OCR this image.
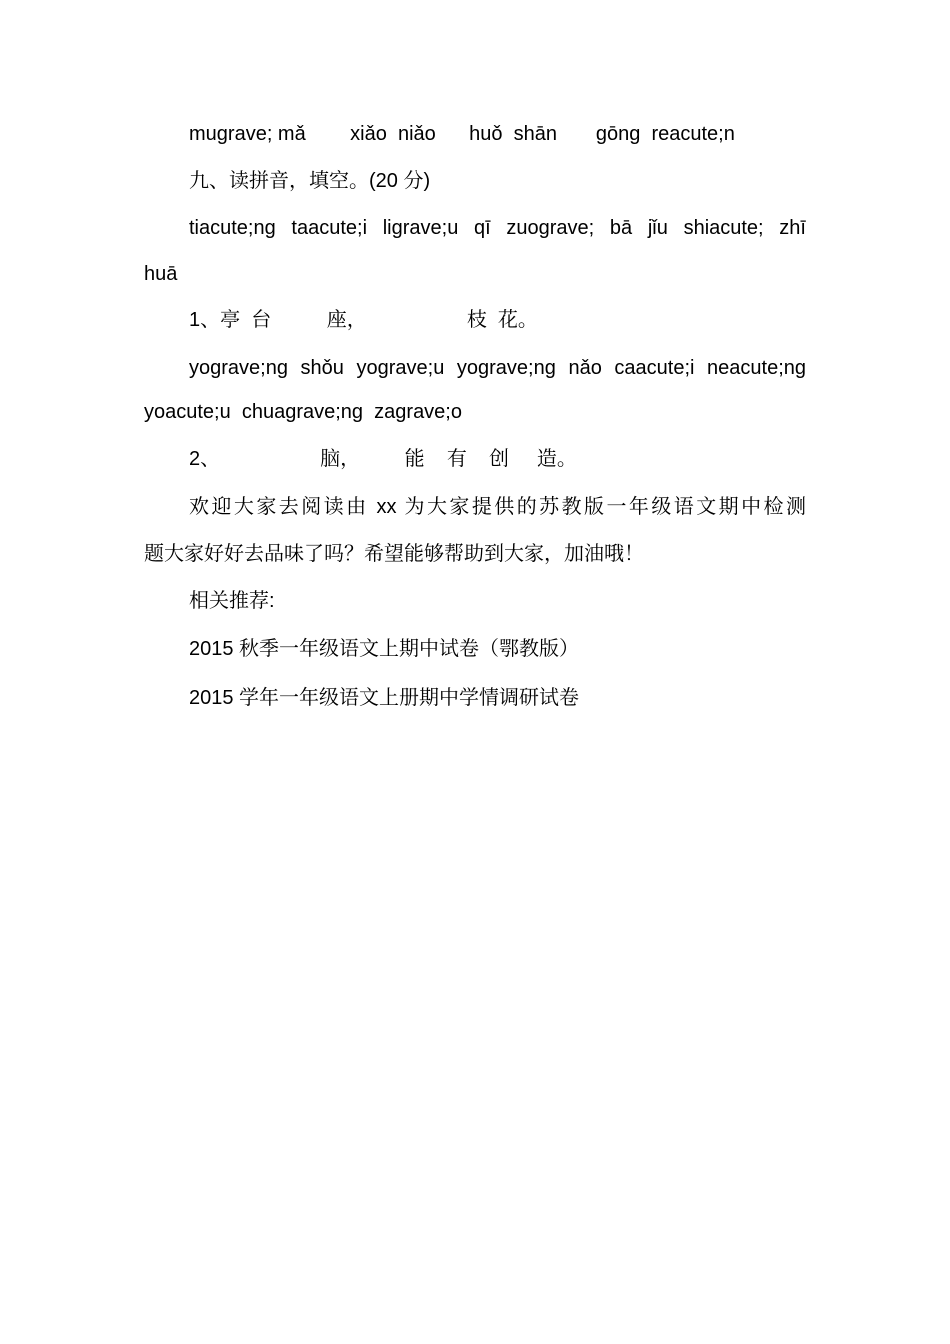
mugrave; mǎ        xiǎo  niǎo      huǒ  shān       gōng  reacute;n
九、读拼音，填空。(20 分)
tiacute;ng taacute;i ligrave;u qī zuograve; bā jǐu shiacute; zhī
huā
1、亭  台          座，                  枝  花。
yograve;ng shǒu yograve;u yograve;ng nǎo caacute;i neacute;ng
yoacute;u  chuagrave;ng  zagrave;o
2、                  脑，        能    有    创     造。
欢迎大家去阅读由 xx 为大家提供的苏教版一年级语文期中检测
题大家好好去品味了吗？希望能够帮助到大家，加油哦！
相关推荐:
2015 秋季一年级语文上期中试卷（鄂教版）
2015 学年一年级语文上册期中学情调研试卷
